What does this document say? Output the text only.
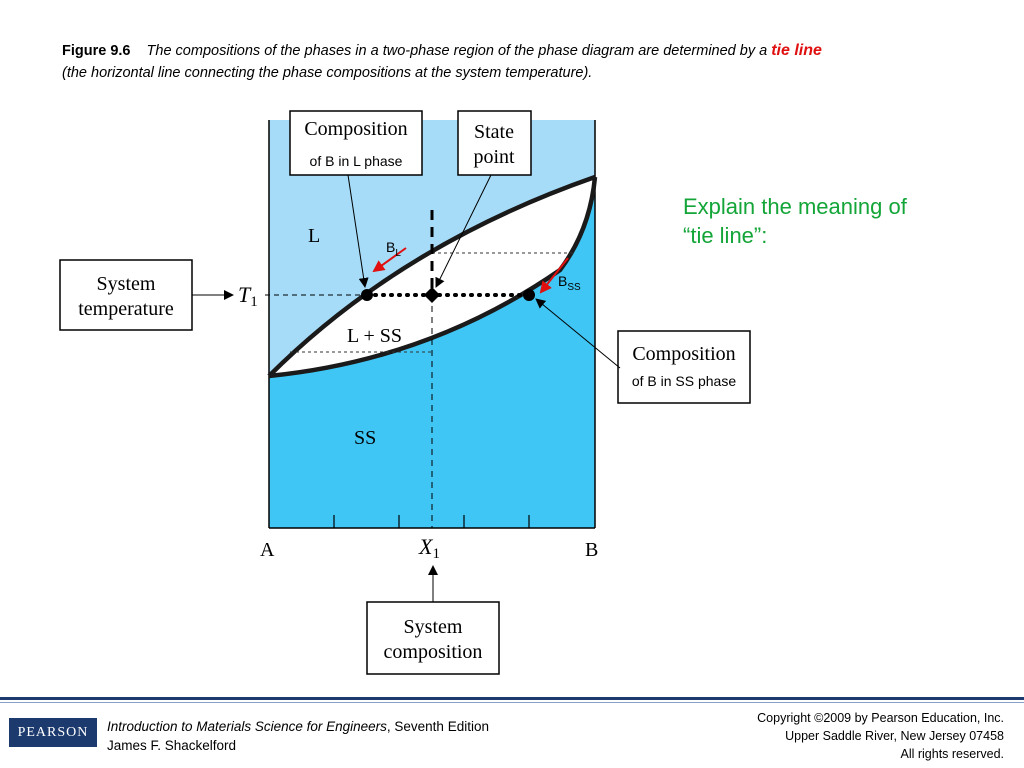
Figure 9.6 The compositions of the phases in a two-phase region of the phase diagram are determined by a tie line
(the horizontal line connecting the phase compositions at the system temperature).
L
L + SS
SS
A	B
X1
T1
Composition
of B in L phase
State
point
System
temperature
Composition
of B in SS phase
System
composition
$B_L$
$B_{SS}$
Explain the meaning of
“tie line”:
PEARSON	Introduction to Materials Science for Engineers, Seventh Edition
James F. Shackelford
Copyright ©2009 by Pearson Education, Inc.
Upper Saddle River, New Jersey 07458
All rights reserved.
